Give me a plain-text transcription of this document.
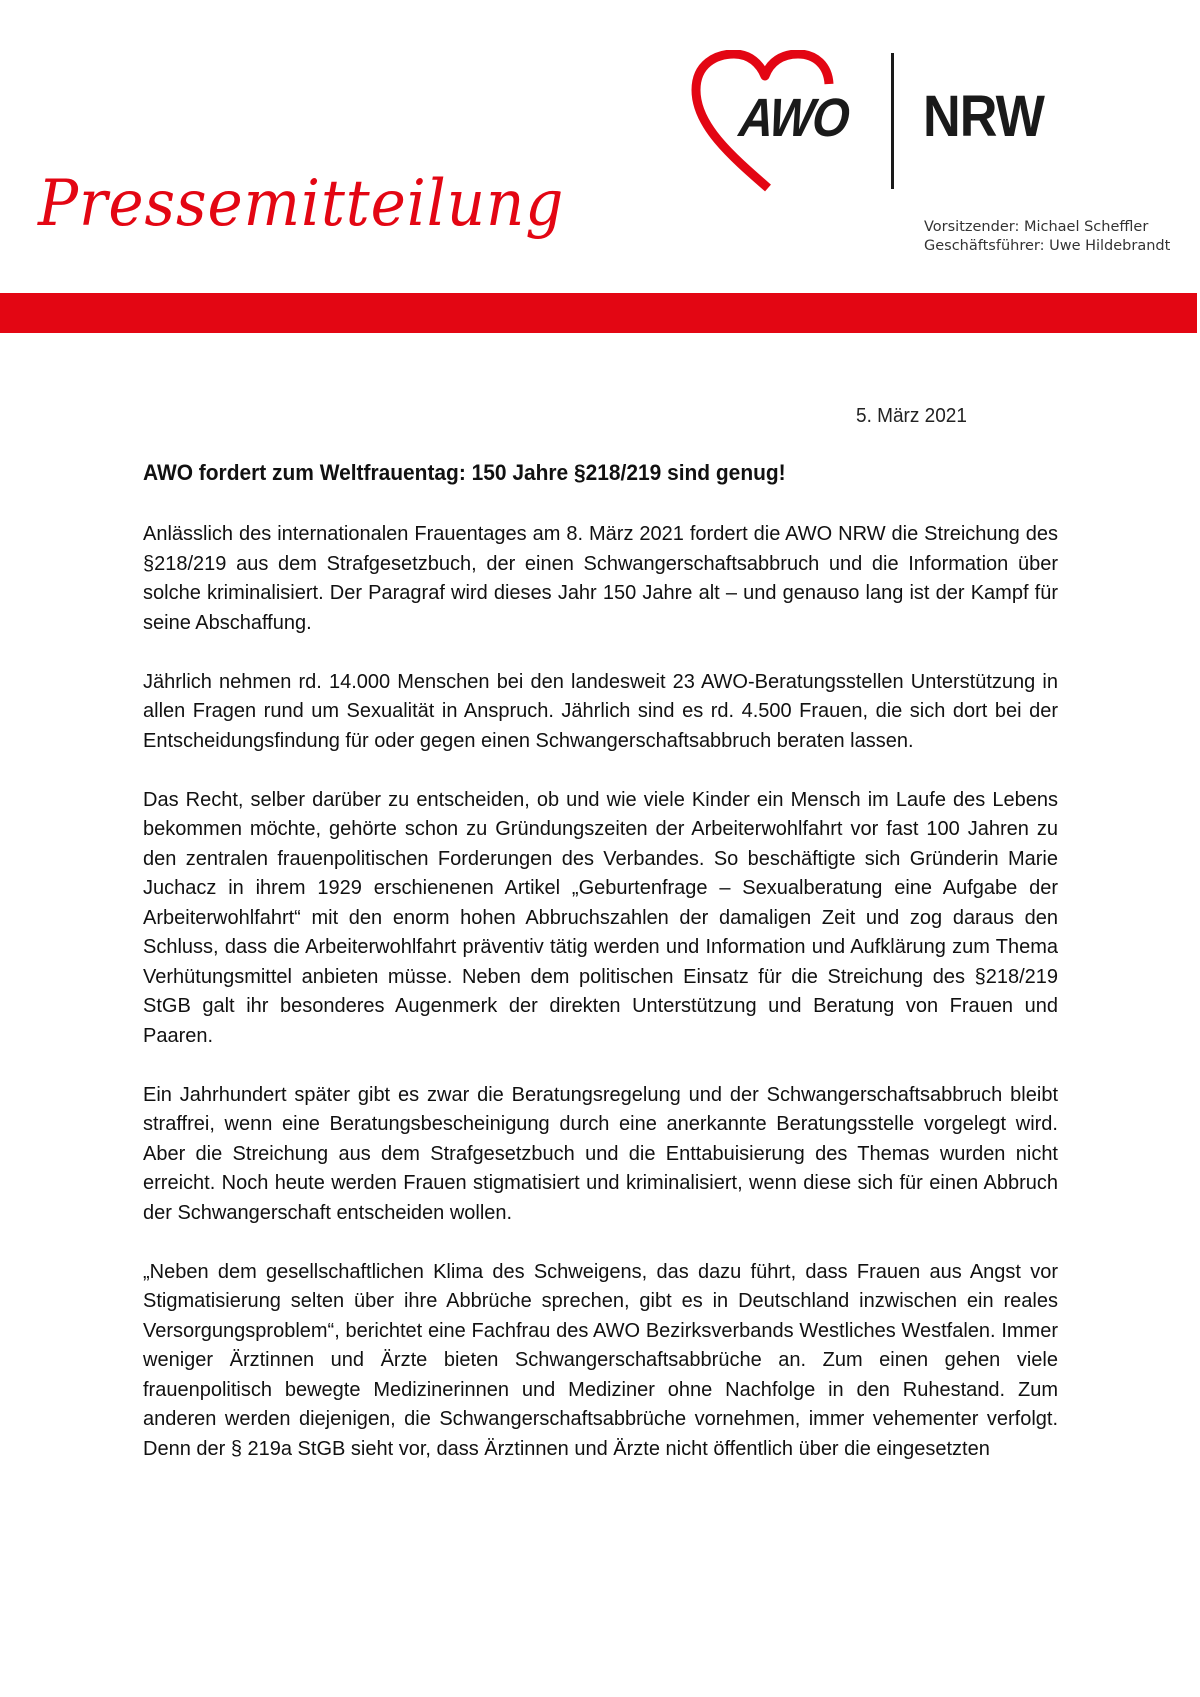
AWO NRW
Pressemitteilung	Vorsitzender: Michael Scheffler
Geschäftsführer: Uwe Hildebrandt
5. März 2021
AWO fordert zum Weltfrauentag: 150 Jahre §218/219 sind genug!

Anlässlich des internationalen Frauentages am 8. März 2021 fordert die AWO NRW die Streichung des §218/219 aus dem Strafgesetzbuch, der einen Schwangerschaftsabbruch und die Information über solche kriminalisiert. Der Paragraf wird dieses Jahr 150 Jahre alt – und genauso lang ist der Kampf für seine Abschaffung.

Jährlich nehmen rd. 14.000 Menschen bei den landesweit 23 AWO-Beratungsstellen Unterstützung in allen Fragen rund um Sexualität in Anspruch. Jährlich sind es rd. 4.500 Frauen, die sich dort bei der Entscheidungsfindung für oder gegen einen Schwangerschaftsabbruch beraten lassen.

Das Recht, selber darüber zu entscheiden, ob und wie viele Kinder ein Mensch im Laufe des Lebens bekommen möchte, gehörte schon zu Gründungszeiten der Arbeiterwohlfahrt vor fast 100 Jahren zu den zentralen frauenpolitischen Forderungen des Verbandes. So beschäftigte sich Gründerin Marie Juchacz in ihrem 1929 erschienenen Artikel „Geburtenfrage – Sexualberatung eine Aufgabe der Arbeiterwohlfahrt“ mit den enorm hohen Abbruchszahlen der damaligen Zeit und zog daraus den Schluss, dass die Arbeiterwohlfahrt präventiv tätig werden und Information und Aufklärung zum Thema Verhütungsmittel anbieten müsse. Neben dem politischen Einsatz für die Streichung des §218/219 StGB galt ihr besonderes Augenmerk der direkten Unterstützung und Beratung von Frauen und Paaren.

Ein Jahrhundert später gibt es zwar die Beratungsregelung und der Schwangerschaftsabbruch bleibt straffrei, wenn eine Beratungsbescheinigung durch eine anerkannte Beratungsstelle vorgelegt wird. Aber die Streichung aus dem Strafgesetzbuch und die Enttabuisierung des Themas wurden nicht erreicht. Noch heute werden Frauen stigmatisiert und kriminalisiert, wenn diese sich für einen Abbruch der Schwangerschaft entscheiden wollen.

„Neben dem gesellschaftlichen Klima des Schweigens, das dazu führt, dass Frauen aus Angst vor Stigmatisierung selten über ihre Abbrüche sprechen, gibt es in Deutschland inzwischen ein reales Versorgungsproblem“, berichtet eine Fachfrau des AWO Bezirksverbands Westliches Westfalen. Immer weniger Ärztinnen und Ärzte bieten Schwangerschaftsabbrüche an. Zum einen gehen viele frauenpolitisch bewegte Medizinerinnen und Mediziner ohne Nachfolge in den Ruhestand. Zum anderen werden diejenigen, die Schwangerschaftsabbrüche vornehmen, immer vehementer verfolgt. Denn der § 219a StGB sieht vor, dass Ärztinnen und Ärzte nicht öffentlich über die eingesetzten
